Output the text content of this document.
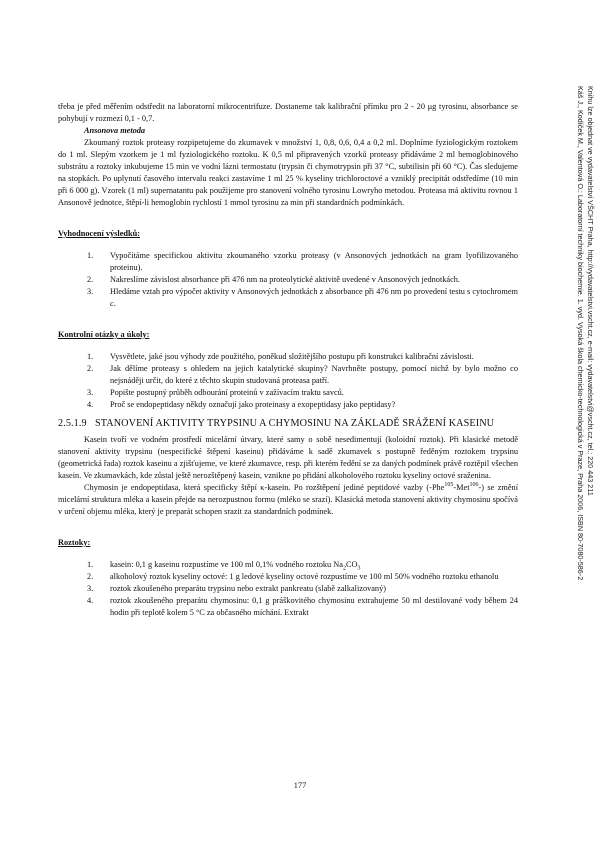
Káš J., Kodíček M., Valentová O.: Laboratorní techniky biochemie. 1. vyd. Vysoká škola chemicko-technologická v Praze, Praha 2006, ISBN 80-7080-586-2 Knihu lze objednat ve vydavatelství VŠCHT Praha, http://vydavatelstvi.vscht.cz, e-mail: vydavatelstvi@vscht.cz, tel.: 220 443 211

třeba je před měřením odstředit na laboratorní mikrocentrifuze. Dostaneme tak kalibrační přímku pro 2 - 20 μg tyrosinu, absorbance se pohybují v rozmezí 0,1 - 0,7.

Ansonova metoda

Zkoumaný roztok proteasy rozpipetujeme do zkumavek v množství 1, 0,8, 0,6, 0,4 a 0,2 ml. Doplníme fyziologickým roztokem do 1 ml. Slepým vzorkem je 1 ml fyziologického roztoku. K 0,5 ml připravených vzorků proteasy přidáváme 2 ml hemoglobinového substrátu a roztoky inkubujeme 15 min ve vodní lázni termostatu (trypsin či chymotrypsin při 37 °C, subtilisin při 60 °C). Čas sledujeme na stopkách. Po uplynutí časového intervalu reakci zastavíme 1 ml 25 % kyseliny trichloroctové a vzniklý precipitát odstředíme (10 min při 6 000 g). Vzorek (1 ml) supernatantu pak použijeme pro stanovení volného tyrosinu Lowryho metodou. Proteasa má aktivitu rovnou 1 Ansonově jednotce, štěpí-li hemoglobin rychlostí 1 mmol tyrosinu za min při standardních podmínkách.

Vyhodnocení výsledků:

1. Vypočítáme specifickou aktivitu zkoumaného vzorku proteasy (v Ansonových jednotkách na gram lyofilizovaného proteinu).
2. Nakreslíme závislost absorbance při 476 nm na proteolytické aktivitě uvedené v Ansonových jednotkách.
3. Hledáme vztah pro výpočet aktivity v Ansonových jednotkách z absorbance při 476 nm po provedení testu s cytochromem c.

Kontrolní otázky a úkoly:

1. Vysvětlete, jaké jsou výhody zde použitého, poněkud složitějšího postupu při konstrukci kalibrační závislosti.
2. Jak dělíme proteasy s ohledem na jejich katalytické skupiny? Navrhněte postupy, pomocí nichž by bylo možno co nejsnáději určit, do které z těchto skupin studovaná proteasa patří.
3. Popište postupný průběh odbourání proteinů v zažívacím traktu savců.
4. Proč se endopeptidasy někdy označují jako proteinasy a exopeptidasy jako peptidasy?
2.5.1.9 STANOVENÍ AKTIVITY TRYPSINU A CHYMOSINU NA ZÁKLADĚ SRÁŽENÍ KASEINU

Kasein tvoří ve vodném prostředí micelární útvary, které samy o sobě nesedimentují (koloidní roztok). Při klasické metodě stanovení aktivity trypsinu (nespecifické štěpení kaseinu) přidáváme k sadě zkumavek s postupně ředěným roztokem trypsinu (geometrická řada) roztok kaseinu a zjišťujeme, ve které zkumavce, resp. při kterém ředění se za daných podmínek právě roztěpil všechen kasein. Ve zkumavkách, kde zůstal ještě nerozštěpený kasein, vznikne po přidání alkoholového roztoku kyseliny octové sraženina.

Chymosin je endopeptidasa, která specificky štěpí κ-kasein. Po rozštěpení jediné peptidové vazby (-Phe$^{105}$-Met$^{106}$-) se změní micelární struktura mléka a kasein přejde na nerozpustnou formu (mléko se srazí). Klasická metoda stanovení aktivity chymosinu spočívá v určení objemu mléka, který je preparát schopen srazit za standardních podmínek.

Roztoky:

1. kasein: 0,1 g kaseinu rozpustíme ve 100 ml 0,1% vodného roztoku $Na_2CO_3$
2. alkoholový roztok kyseliny octové: 1 g ledové kyseliny octové rozpustíme ve 100 ml 50% vodného roztoku ethanolu
3. roztok zkoušeného preparátu trypsinu nebo extrakt pankreatu (slabě zalkalizovaný)
4. roztok zkoušeného preparátu chymosinu: 0,1 g práškovitého chymosinu extrahujeme 50 ml destilované vody během 24 hodin při teplotě kolem 5 °C za občasného míchání. Extrakt
177
